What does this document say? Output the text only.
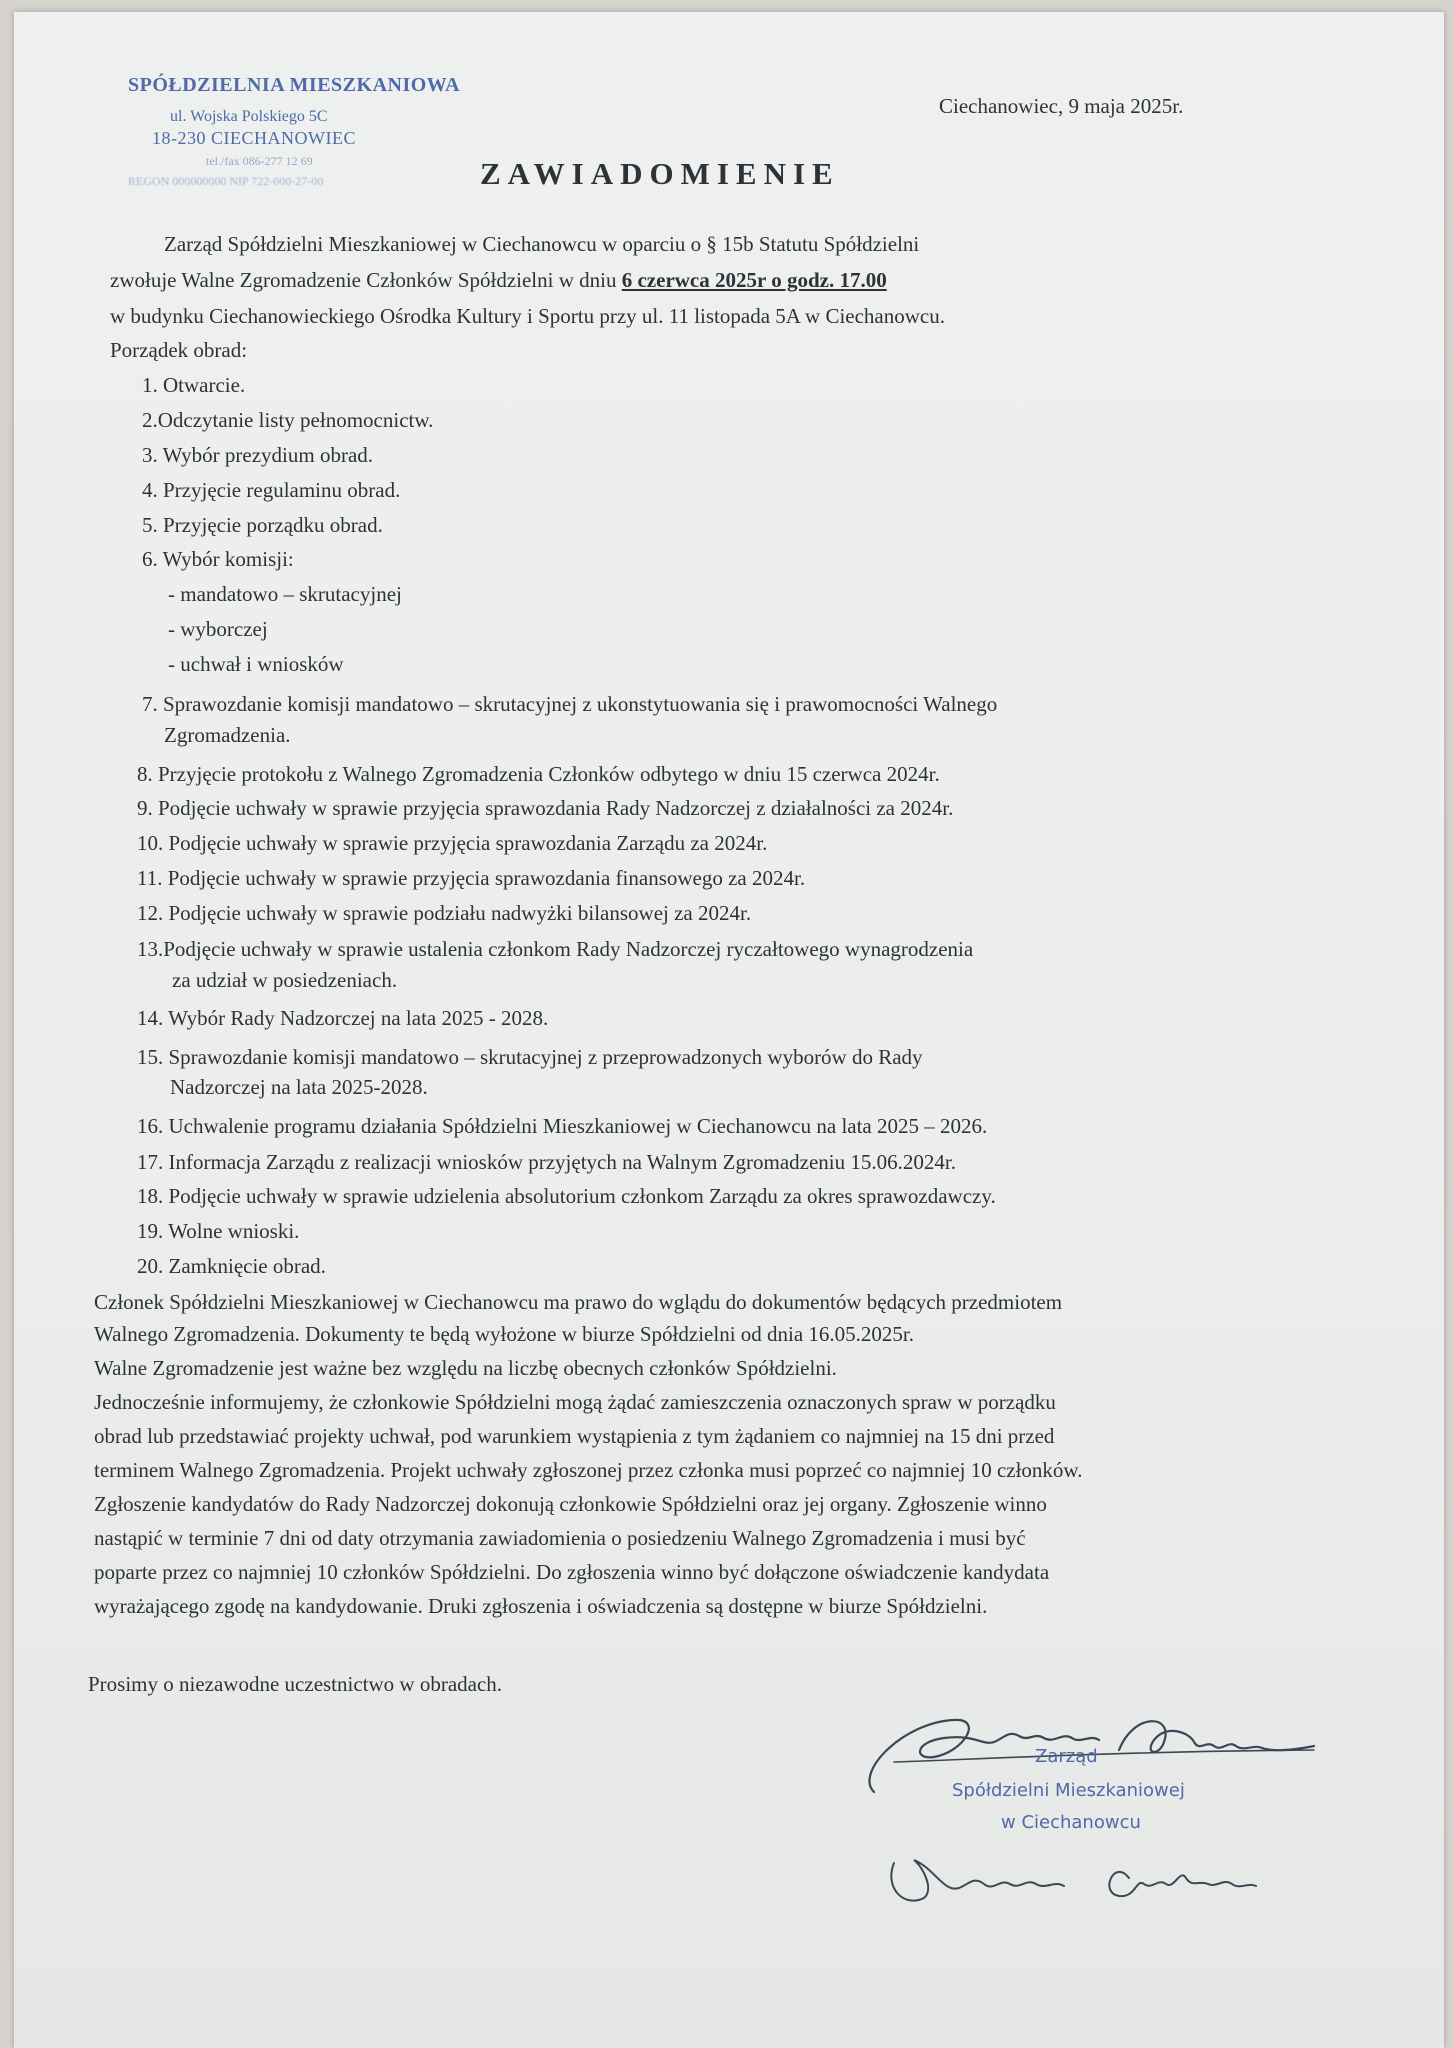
SPÓŁDZIELNIA MIESZKANIOWA
ul. Wojska Polskiego 5C
18-230 CIECHANOWIEC
tel./fax 086-277 12 69
REGON 000000000 NIP 722-000-27-00
Ciechanowiec, 9 maja 2025r.
ZAWIADOMIENIE
Zarząd Spółdzielni Mieszkaniowej w Ciechanowcu w oparciu o § 15b Statutu Spółdzielni
zwołuje Walne Zgromadzenie Członków Spółdzielni w dniu 6 czerwca 2025r o godz. 17.00
w budynku Ciechanowieckiego Ośrodka Kultury i Sportu przy ul. 11 listopada 5A w Ciechanowcu.
Porządek obrad:
1. Otwarcie.
2.Odczytanie listy pełnomocnictw.
3. Wybór prezydium obrad.
4. Przyjęcie regulaminu obrad.
5. Przyjęcie porządku obrad.
6. Wybór komisji:
- mandatowo – skrutacyjnej
- wyborczej
- uchwał i wniosków
7. Sprawozdanie komisji mandatowo – skrutacyjnej z ukonstytuowania się i prawomocności Walnego
Zgromadzenia.
8. Przyjęcie protokołu z Walnego Zgromadzenia Członków odbytego w dniu 15 czerwca 2024r.
9. Podjęcie uchwały w sprawie przyjęcia sprawozdania Rady Nadzorczej z działalności za 2024r.
10. Podjęcie uchwały w sprawie przyjęcia sprawozdania Zarządu za 2024r.
11. Podjęcie uchwały w sprawie przyjęcia sprawozdania finansowego za 2024r.
12. Podjęcie uchwały w sprawie podziału nadwyżki bilansowej za 2024r.
13.Podjęcie uchwały w sprawie ustalenia członkom Rady Nadzorczej ryczałtowego wynagrodzenia
za udział w posiedzeniach.
14. Wybór Rady Nadzorczej na lata 2025 - 2028.
15. Sprawozdanie komisji mandatowo – skrutacyjnej z przeprowadzonych wyborów do Rady
Nadzorczej na lata 2025-2028.
16. Uchwalenie programu działania Spółdzielni Mieszkaniowej w Ciechanowcu na lata 2025 – 2026.
17. Informacja Zarządu z realizacji wniosków przyjętych na Walnym Zgromadzeniu 15.06.2024r.
18. Podjęcie uchwały w sprawie udzielenia absolutorium członkom Zarządu za okres sprawozdawczy.
19. Wolne wnioski.
20. Zamknięcie obrad.
Członek Spółdzielni Mieszkaniowej w Ciechanowcu ma prawo do wglądu do dokumentów będących przedmiotem
Walnego Zgromadzenia. Dokumenty te będą wyłożone w biurze Spółdzielni od dnia 16.05.2025r.
Walne Zgromadzenie jest ważne bez względu na liczbę obecnych członków Spółdzielni.
Jednocześnie informujemy, że członkowie Spółdzielni mogą żądać zamieszczenia oznaczonych spraw w porządku
obrad lub przedstawiać projekty uchwał, pod warunkiem wystąpienia z tym żądaniem co najmniej na 15 dni przed
terminem Walnego Zgromadzenia. Projekt uchwały zgłoszonej przez członka musi poprzeć co najmniej 10 członków.
Zgłoszenie kandydatów do Rady Nadzorczej dokonują członkowie Spółdzielni oraz jej organy. Zgłoszenie winno
nastąpić w terminie 7 dni od daty otrzymania zawiadomienia o posiedzeniu Walnego Zgromadzenia i musi być
poparte przez co najmniej 10 członków Spółdzielni. Do zgłoszenia winno być dołączone oświadczenie kandydata
wyrażającego zgodę na kandydowanie. Druki zgłoszenia i oświadczenia są dostępne w biurze Spółdzielni.
Prosimy o niezawodne uczestnictwo w obradach.
Zarząd
Spółdzielni Mieszkaniowej
w Ciechanowcu
